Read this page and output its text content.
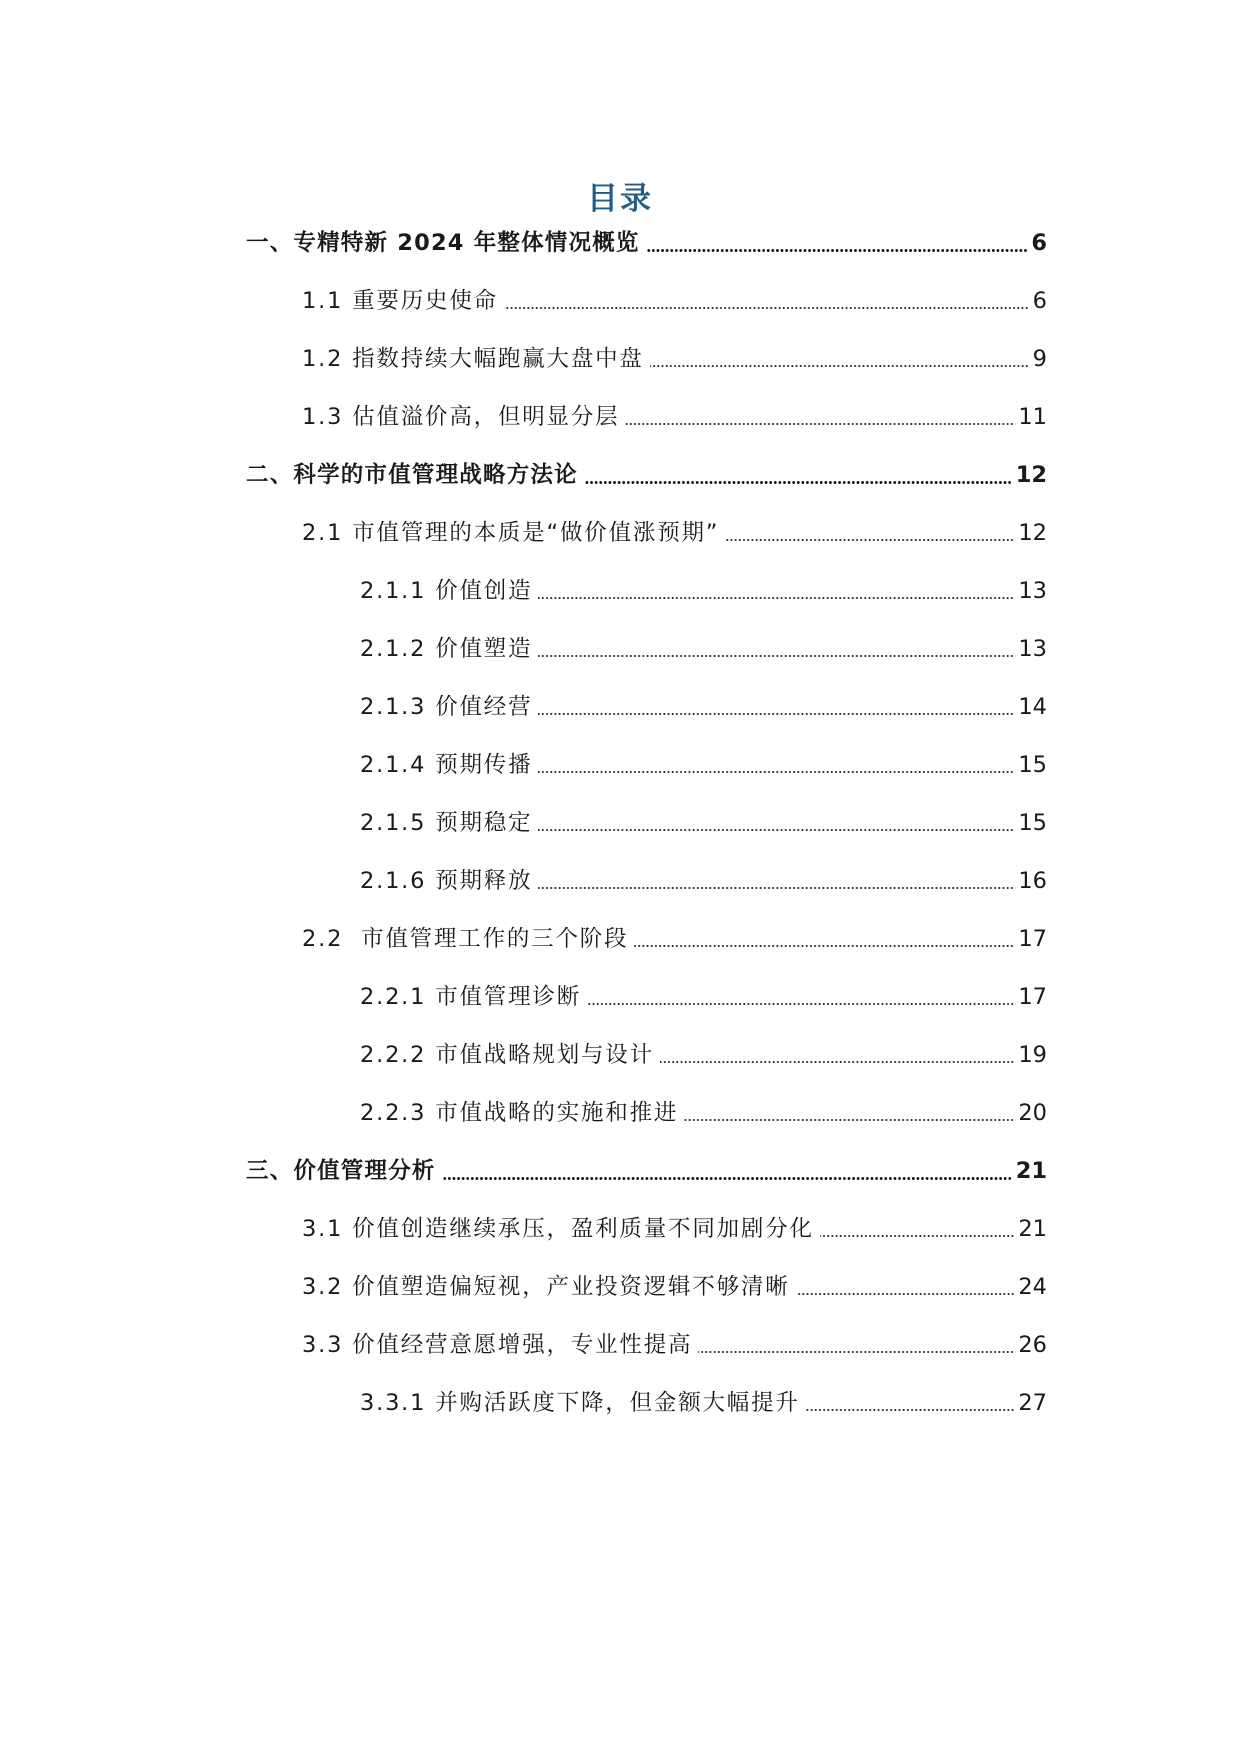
目录
一、专精特新 2024 年整体情况概览	6
1.1 重要历史使命	6
1.2 指数持续大幅跑赢大盘中盘	9
1.3 估值溢价高，但明显分层	11
二、科学的市值管理战略方法论	12
2.1 市值管理的本质是“做价值涨预期”	12
2.1.1 价值创造	13
2.1.2 价值塑造	13
2.1.3 价值经营	14
2.1.4 预期传播	15
2.1.5 预期稳定	15
2.1.6 预期释放	16
2.2  市值管理工作的三个阶段	17
2.2.1 市值管理诊断	17
2.2.2 市值战略规划与设计	19
2.2.3 市值战略的实施和推进	20
三、价值管理分析	21
3.1 价值创造继续承压，盈利质量不同加剧分化	21
3.2 价值塑造偏短视，产业投资逻辑不够清晰	24
3.3 价值经营意愿增强，专业性提高	26
3.3.1 并购活跃度下降，但金额大幅提升	27
